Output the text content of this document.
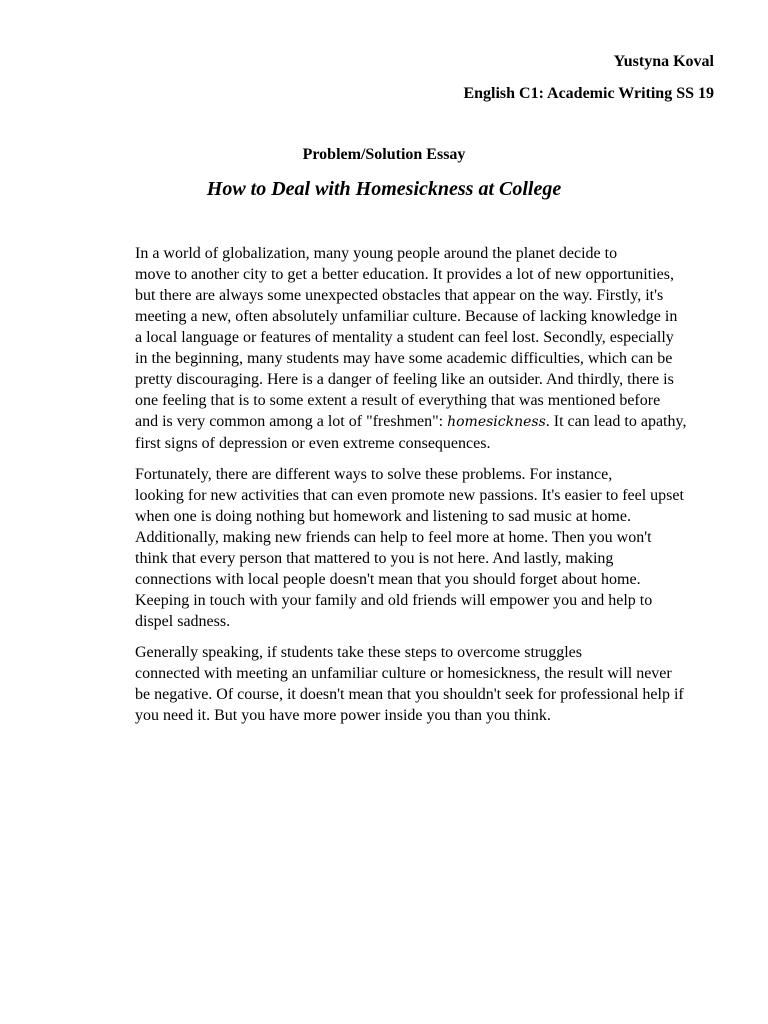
Yustyna Koval
English C1: Academic Writing SS 19
Problem/Solution Essay
How to Deal with Homesickness at College

In a world of globalization, many young people around the planet decide to
move to another city to get a better education. It provides a lot of new opportunities,
but there are always some unexpected obstacles that appear on the way. Firstly, it's
meeting a new, often absolutely unfamiliar culture. Because of lacking knowledge in
a local language or features of mentality a student can feel lost. Secondly, especially
in the beginning, many students may have some academic difficulties, which can be
pretty discouraging. Here is a danger of feeling like an outsider. And thirdly, there is
one feeling that is to some extent a result of everything that was mentioned before
and is very common among a lot of "freshmen": homesickness. It can lead to apathy,
first signs of depression or even extreme consequences.

Fortunately, there are different ways to solve these problems. For instance,
looking for new activities that can even promote new passions. It's easier to feel upset
when one is doing nothing but homework and listening to sad music at home.
Additionally, making new friends can help to feel more at home. Then you won't
think that every person that mattered to you is not here. And lastly, making
connections with local people doesn't mean that you should forget about home.
Keeping in touch with your family and old friends will empower you and help to
dispel sadness.

Generally speaking, if students take these steps to overcome struggles
connected with meeting an unfamiliar culture or homesickness, the result will never
be negative. Of course, it doesn't mean that you shouldn't seek for professional help if
you need it. But you have more power inside you than you think.
